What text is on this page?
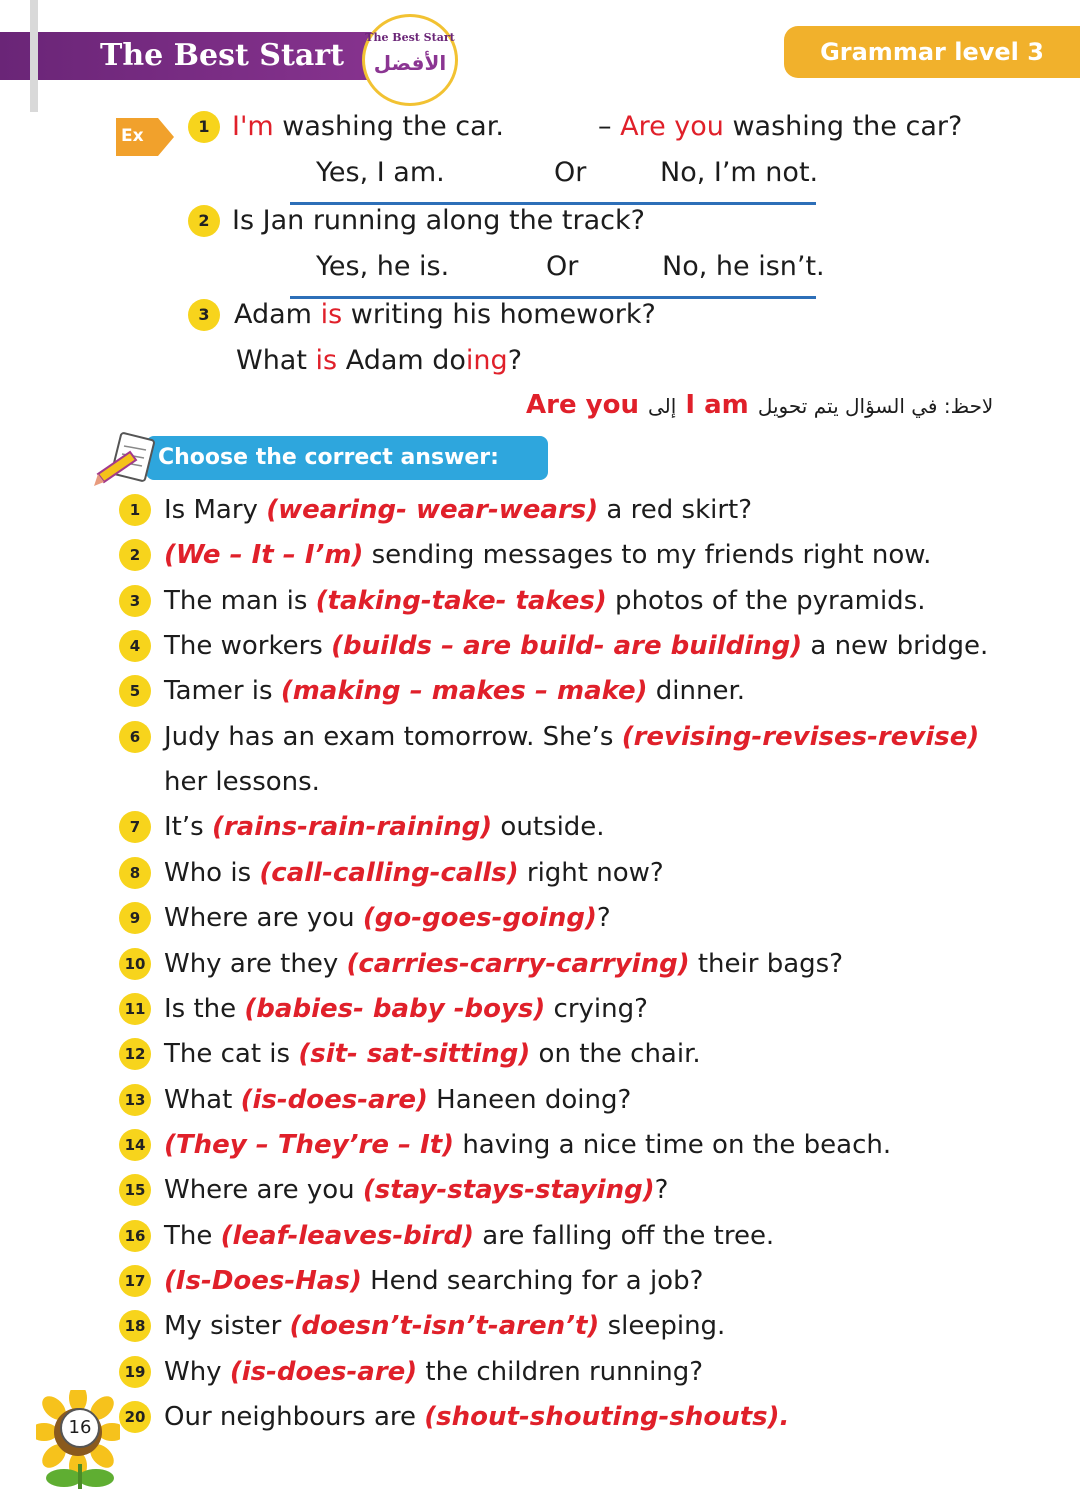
The Best Start
The Best Start
الأفضل	Grammar level 3
Ex	1 I'm washing the car.	– Are you washing the car?
Yes, I am.	Or	No, I’m not.
2 Is Jan running along the track?
Yes, he is.	Or	No, he isn’t.
3 Adam is writing his homework?
What is Adam doing?
Are you إلى I am لاحظ: في السؤال يتم تحويل
Choose the correct answer:
1 Is Mary (wearing- wear-wears) a red skirt?
2 (We – It – I’m) sending messages to my friends right now.
3 The man is (taking-take- takes) photos of the pyramids.
4 The workers (builds – are build- are building) a new bridge.
5 Tamer is (making – makes – make) dinner.
6 Judy has an exam tomorrow. She’s (revising-revises-revise)
her lessons.
7 It’s (rains-rain-raining) outside.
8 Who is (call-calling-calls) right now?
9 Where are you (go-goes-going)?
10 Why are they (carries-carry-carrying) their bags?
11 Is the (babies- baby -boys) crying?
12 The cat is (sit- sat-sitting) on the chair.
13 What (is-does-are) Haneen doing?
14 (They – They’re – It) having a nice time on the beach.
15 Where are you (stay-stays-staying)?
16 The (leaf-leaves-bird) are falling off the tree.
17 (Is-Does-Has) Hend searching for a job?
18 My sister (doesn’t-isn’t-aren’t) sleeping.
19 Why (is-does-are) the children running?
20 Our neighbours are (shout-shouting-shouts).
16
